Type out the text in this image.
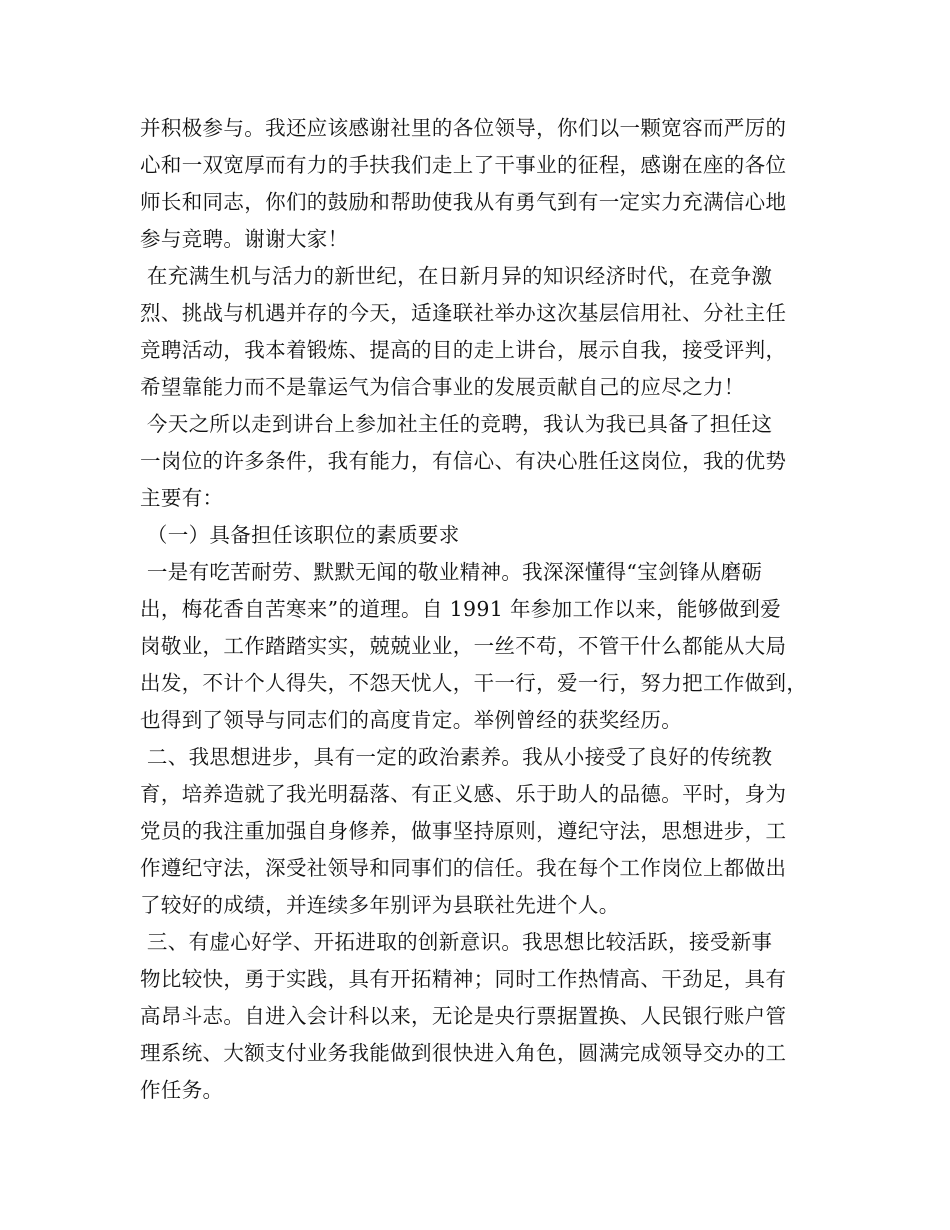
并积极参与。我还应该感谢社里的各位领导，你们以一颗宽容而严厉的
心和一双宽厚而有力的手扶我们走上了干事业的征程，感谢在座的各位
师长和同志，你们的鼓励和帮助使我从有勇气到有一定实力充满信心地
参与竞聘。谢谢大家！
在充满生机与活力的新世纪，在日新月异的知识经济时代，在竞争激
烈、挑战与机遇并存的今天，适逢联社举办这次基层信用社、分社主任
竞聘活动，我本着锻炼、提高的目的走上讲台，展示自我，接受评判，
希望靠能力而不是靠运气为信合事业的发展贡献自己的应尽之力！
今天之所以走到讲台上参加社主任的竞聘，我认为我已具备了担任这
一岗位的许多条件，我有能力，有信心、有决心胜任这岗位，我的优势
主要有：
（一）具备担任该职位的素质要求
一是有吃苦耐劳、默默无闻的敬业精神。我深深懂得“宝剑锋从磨砺
出，梅花香自苦寒来”的道理。自 1991 年参加工作以来，能够做到爱
岗敬业，工作踏踏实实，兢兢业业，一丝不苟，不管干什么都能从大局
出发，不计个人得失，不怨天忧人，干一行，爱一行，努力把工作做到，
也得到了领导与同志们的高度肯定。举例曾经的获奖经历。
二、我思想进步，具有一定的政治素养。我从小接受了良好的传统教
育，培养造就了我光明磊落、有正义感、乐于助人的品德。平时，身为
党员的我注重加强自身修养，做事坚持原则，遵纪守法，思想进步，工
作遵纪守法，深受社领导和同事们的信任。我在每个工作岗位上都做出
了较好的成绩，并连续多年别评为县联社先进个人。
三、有虚心好学、开拓进取的创新意识。我思想比较活跃，接受新事
物比较快，勇于实践，具有开拓精神；同时工作热情高、干劲足，具有
高昂斗志。自进入会计科以来，无论是央行票据置换、人民银行账户管
理系统、大额支付业务我能做到很快进入角色，圆满完成领导交办的工
作任务。
